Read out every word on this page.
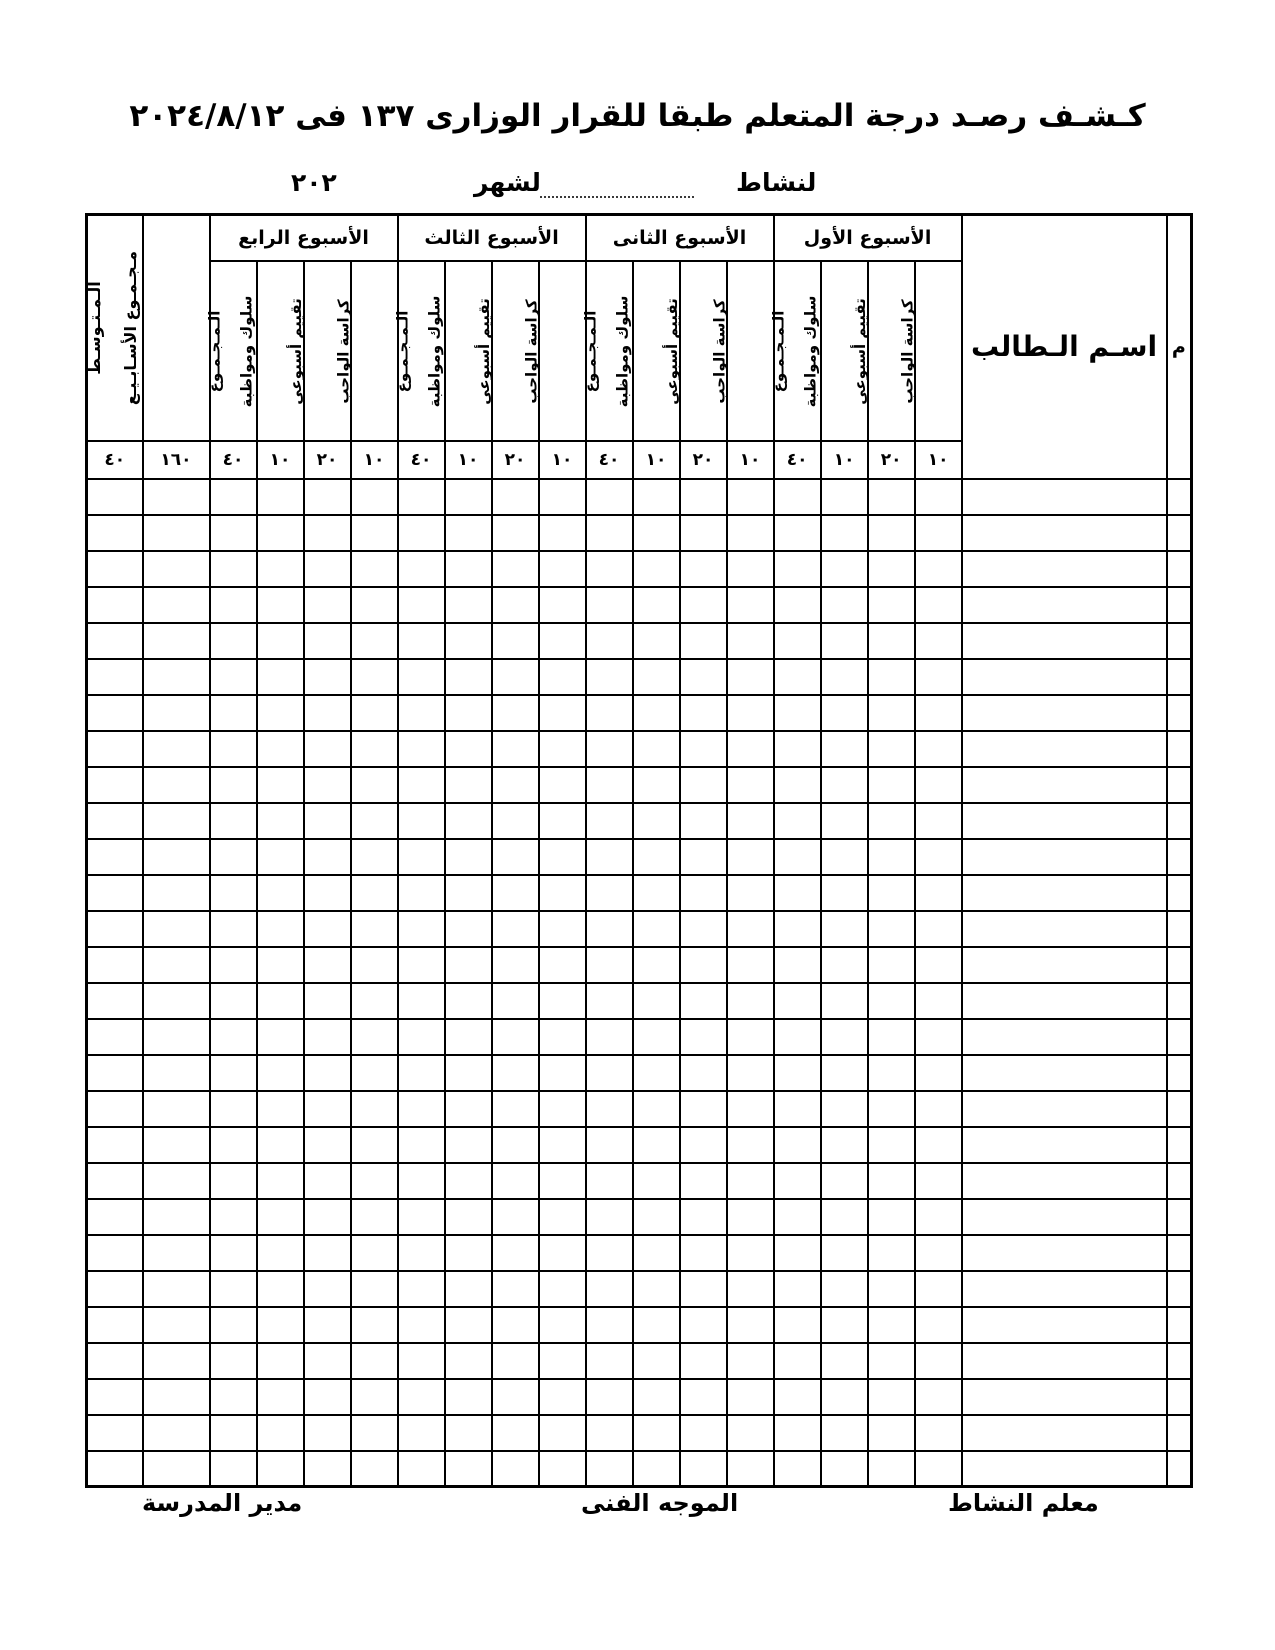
كـشـف رصـد درجة المتعلم طبقا للقرار الوزارى ١٣٧ فى ٢٠٢٤/٨/١٢
لنشاط
لشهر
٢٠٢
م	اسـم الـطالب	الأسبوع الأول				الأسبوع الثانى				الأسبوع الثالث				الأسبوع الرابع				مـجـمـوع الأسـابـيـع	الـمـتـوسـط
		كراسة الواجب	تقييم أسبوعى	سلوك ومواظبة	الـمـجـمـوع	كراسة الواجب	تقييم أسبوعى	سلوك ومواظبة	الـمـجـمـوع	كراسة الواجب	تقييم أسبوعى	سلوك ومواظبة	الـمـجـمـوع	كراسة الواجب	تقييم أسبوعى	سلوك ومواظبة	الـمـجـمـوع		
		١٠	٢٠	١٠	٤٠	١٠	٢٠	١٠	٤٠	١٠	٢٠	١٠	٤٠	١٠	٢٠	١٠	٤٠	١٦٠	٤٠

معلم النشاط
الموجه الفنى
مدير المدرسة
